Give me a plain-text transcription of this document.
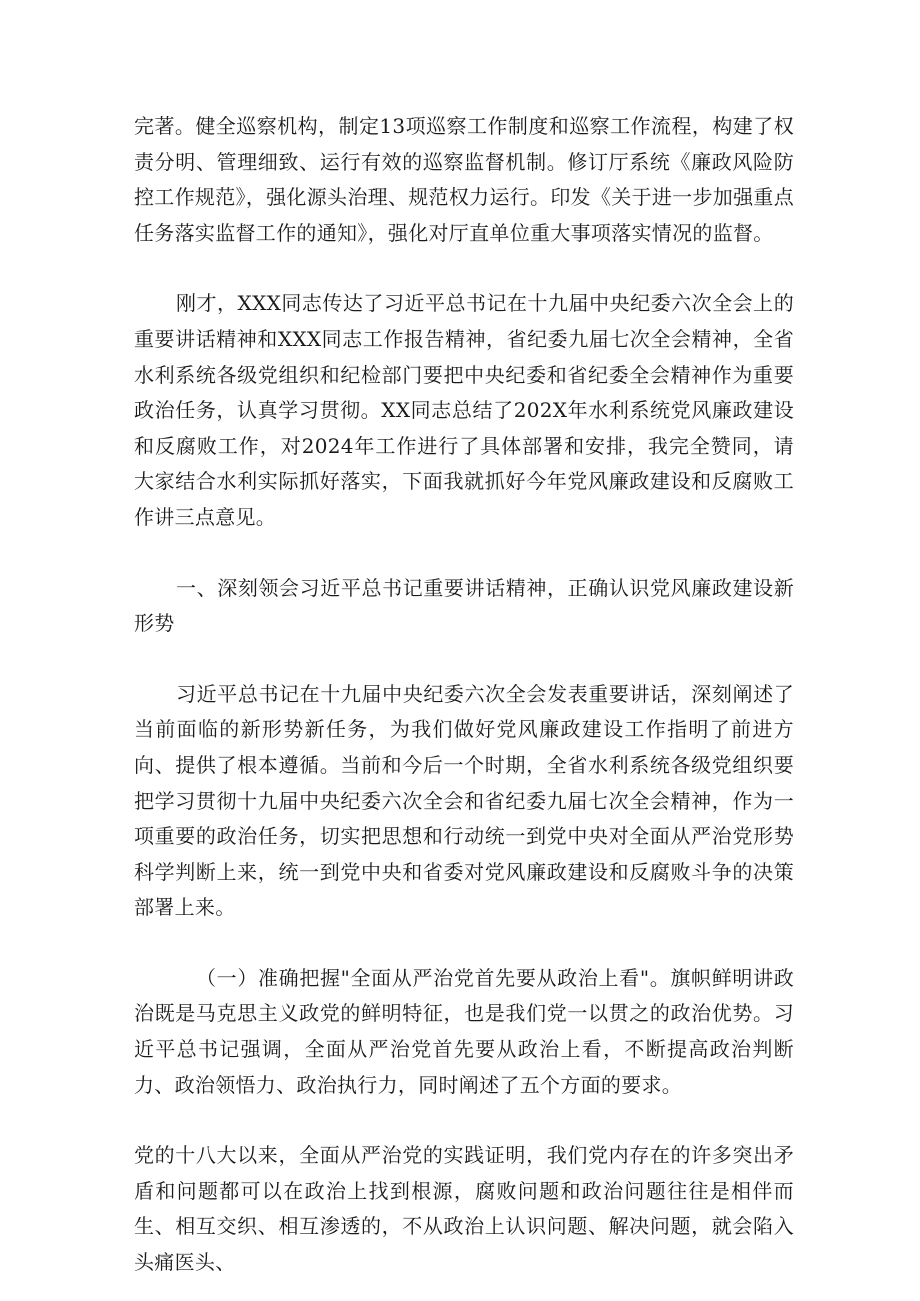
完著。健全巡察机构，制定13项巡察工作制度和巡察工作流程，构建了权责分明、管理细致、运行有效的巡察监督机制。修订厅系统《廉政风险防控工作规范》，强化源头治理、规范权力运行。印发《关于进一步加强重点任务落实监督工作的通知》，强化对厅直单位重大事项落实情况的监督。

刚才，XXX同志传达了习近平总书记在十九届中央纪委六次全会上的重要讲话精神和XXX同志工作报告精神，省纪委九届七次全会精神，全省水利系统各级党组织和纪检部门要把中央纪委和省纪委全会精神作为重要政治任务，认真学习贯彻。XX同志总结了202X年水利系统党风廉政建设和反腐败工作，对2024年工作进行了具体部署和安排，我完全赞同，请大家结合水利实际抓好落实，下面我就抓好今年党风廉政建设和反腐败工作讲三点意见。

一、深刻领会习近平总书记重要讲话精神，正确认识党风廉政建设新形势

习近平总书记在十九届中央纪委六次全会发表重要讲话，深刻阐述了当前面临的新形势新任务，为我们做好党风廉政建设工作指明了前进方向、提供了根本遵循。当前和今后一个时期，全省水利系统各级党组织要把学习贯彻十九届中央纪委六次全会和省纪委九届七次全会精神，作为一项重要的政治任务，切实把思想和行动统一到党中央对全面从严治党形势科学判断上来，统一到党中央和省委对党风廉政建设和反腐败斗争的决策部署上来。

（一）准确把握"全面从严治党首先要从政治上看"。旗帜鲜明讲政治既是马克思主义政党的鲜明特征，也是我们党一以贯之的政治优势。习近平总书记强调，全面从严治党首先要从政治上看，不断提高政治判断力、政治领悟力、政治执行力，同时阐述了五个方面的要求。

党的十八大以来，全面从严治党的实践证明，我们党内存在的许多突出矛盾和问题都可以在政治上找到根源，腐败问题和政治问题往往是相伴而生、相互交织、相互渗透的，不从政治上认识问题、解决问题，就会陷入头痛医头、
